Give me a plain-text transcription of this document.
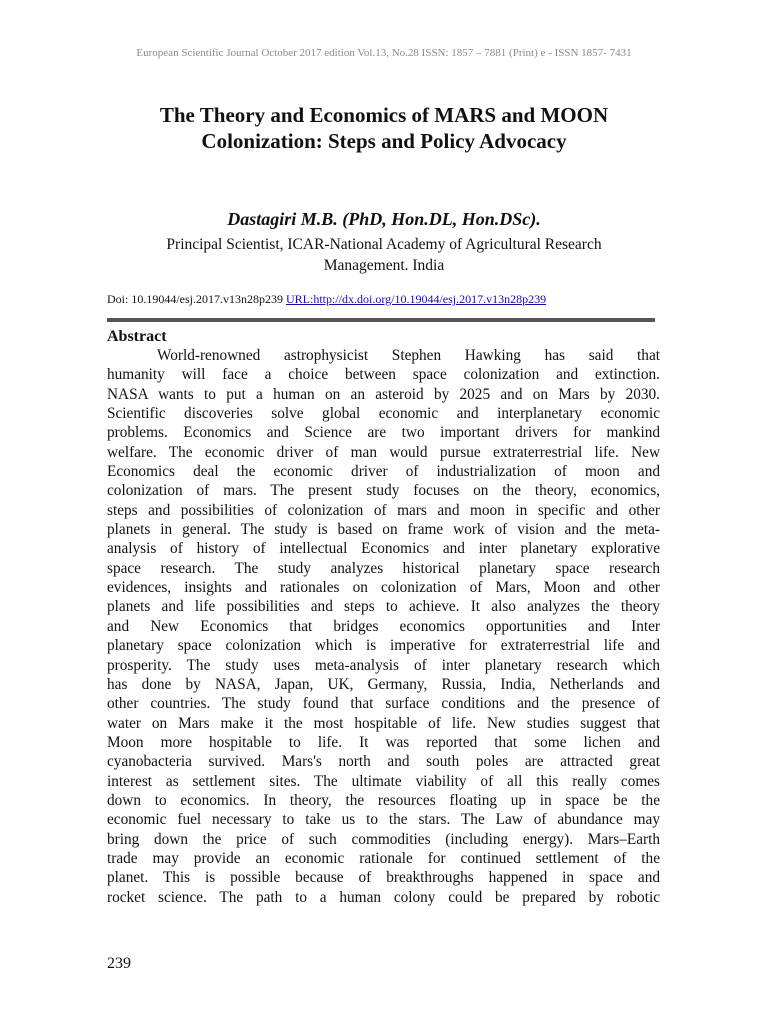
European Scientific Journal October 2017 edition Vol.13, No.28 ISSN: 1857 – 7881 (Print) e - ISSN 1857- 7431
The Theory and Economics of MARS and MOON
Colonization: Steps and Policy Advocacy
Dastagiri M.B. (PhD, Hon.DL, Hon.DSc).
Principal Scientist, ICAR-National Academy of Agricultural Research
Management. India
Doi: 10.19044/esj.2017.v13n28p239 URL:http://dx.doi.org/10.19044/esj.2017.v13n28p239
Abstract
World-renowned astrophysicist Stephen Hawking has said that
humanity will face a choice between space colonization and extinction.
NASA wants to put a human on an asteroid by 2025 and on Mars by 2030.
Scientific discoveries solve global economic and interplanetary economic
problems. Economics and Science are two important drivers for mankind
welfare. The economic driver of man would pursue extraterrestrial life. New
Economics deal the economic driver of industrialization of moon and
colonization of mars. The present study focuses on the theory, economics,
steps and possibilities of colonization of mars and moon in specific and other
planets in general. The study is based on frame work of vision and the meta-
analysis of history of intellectual Economics and inter planetary explorative
space research. The study analyzes historical planetary space research
evidences, insights and rationales on colonization of Mars, Moon and other
planets and life possibilities and steps to achieve. It also analyzes the theory
and New Economics that bridges economics opportunities and Inter
planetary space colonization which is imperative for extraterrestrial life and
prosperity. The study uses meta-analysis of inter planetary research which
has done by NASA, Japan, UK, Germany, Russia, India, Netherlands and
other countries. The study found that surface conditions and the presence of
water on Mars make it the most hospitable of life. New studies suggest that
Moon more hospitable to life. It was reported that some lichen and
cyanobacteria survived. Mars's north and south poles are attracted great
interest as settlement sites. The ultimate viability of all this really comes
down to economics. In theory, the resources floating up in space be the
economic fuel necessary to take us to the stars. The Law of abundance may
bring down the price of such commodities (including energy). Mars–Earth
trade may provide an economic rationale for continued settlement of the
planet. This is possible because of breakthroughs happened in space and
rocket science. The path to a human colony could be prepared by robotic
239
